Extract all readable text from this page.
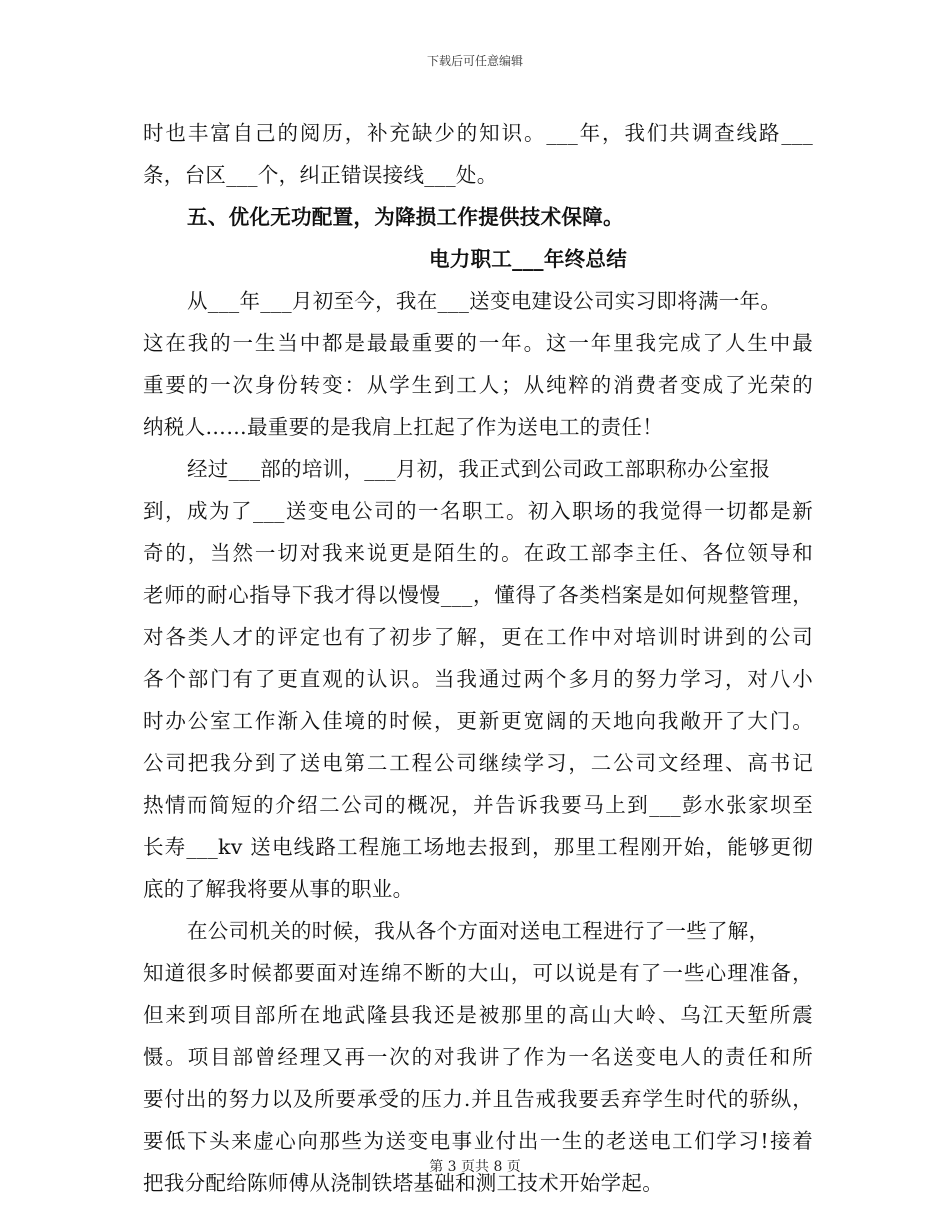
下载后可任意编辑
时也丰富自己的阅历，补充缺少的知识。___年，我们共调查线路___
条，台区___个，纠正错误接线___处。
五、优化无功配置，为降损工作提供技术保障。
电力职工___年终总结
从___年___月初至今，我在___送变电建设公司实习即将满一年。
这在我的一生当中都是最最重要的一年。这一年里我完成了人生中最
重要的一次身份转变：从学生到工人；从纯粹的消费者变成了光荣的
纳税人……最重要的是我肩上扛起了作为送电工的责任！
经过___部的培训，___月初，我正式到公司政工部职称办公室报
到，成为了___送变电公司的一名职工。初入职场的我觉得一切都是新
奇的，当然一切对我来说更是陌生的。在政工部李主任、各位领导和
老师的耐心指导下我才得以慢慢___，懂得了各类档案是如何规整管理，
对各类人才的评定也有了初步了解，更在工作中对培训时讲到的公司
各个部门有了更直观的认识。当我通过两个多月的努力学习，对八小
时办公室工作渐入佳境的时候，更新更宽阔的天地向我敞开了大门。
公司把我分到了送电第二工程公司继续学习，二公司文经理、高书记
热情而简短的介绍二公司的概况，并告诉我要马上到___彭水张家坝至
长寿___kv 送电线路工程施工场地去报到，那里工程刚开始，能够更彻
底的了解我将要从事的职业。
在公司机关的时候，我从各个方面对送电工程进行了一些了解，
知道很多时候都要面对连绵不断的大山，可以说是有了一些心理准备，
但来到项目部所在地武隆县我还是被那里的高山大岭、乌江天堑所震
慑。项目部曾经理又再一次的对我讲了作为一名送变电人的责任和所
要付出的努力以及所要承受的压力.并且告戒我要丢弃学生时代的骄纵，
要低下头来虚心向那些为送变电事业付出一生的老送电工们学习!接着
把我分配给陈师傅从浇制铁塔基础和测工技术开始学起。
第 3 页共 8 页
